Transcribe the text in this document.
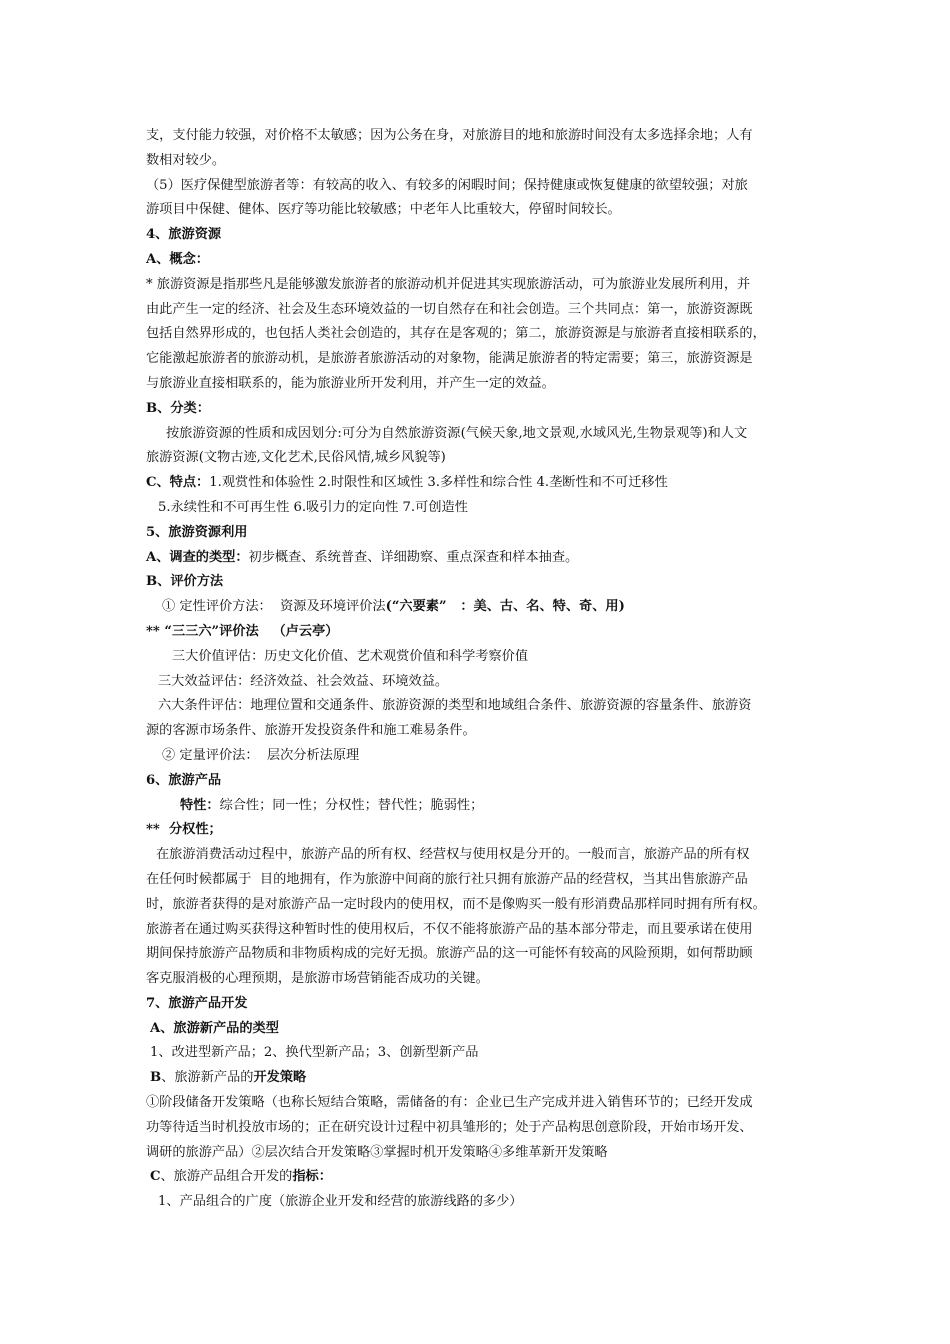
支，支付能力较强，对价格不太敏感；因为公务在身，对旅游目的地和旅游时间没有太多选择余地；人有
数相对较少。
（5）医疗保健型旅游者等：有较高的收入、有较多的闲暇时间；保持健康或恢复健康的欲望较强；对旅
游项目中保健、健体、医疗等功能比较敏感；中老年人比重较大，停留时间较长。
4、旅游资源
A、概念：
* 旅游资源是指那些凡是能够激发旅游者的旅游动机并促进其实现旅游活动，可为旅游业发展所利用，并
由此产生一定的经济、社会及生态环境效益的一切自然存在和社会创造。三个共同点：第一，旅游资源既
包括自然界形成的，也包括人类社会创造的，其存在是客观的；第二，旅游资源是与旅游者直接相联系的，
它能激起旅游者的旅游动机，是旅游者旅游活动的对象物，能满足旅游者的特定需要；第三，旅游资源是
与旅游业直接相联系的，能为旅游业所开发利用，并产生一定的效益。
B、分类：
按旅游资源的性质和成因划分:可分为自然旅游资源(气候天象,地文景观,水域风光,生物景观等)和人文
旅游资源(文物古迹,文化艺术,民俗风情,城乡风貌等)
C、特点：1.观赏性和体验性 2.时限性和区域性 3.多样性和综合性 4.垄断性和不可迁移性
5.永续性和不可再生性 6.吸引力的定向性 7.可创造性
5、旅游资源利用
A、调查的类型：初步概查、系统普查、详细勘察、重点深查和样本抽查。
B、评价方法
① 定性评价方法：  资源及环境评价法(“六要素”   ：美、古、名、特、奇、用)
** “三三六”评价法   （卢云亭）
三大价值评估：历史文化价值、艺术观赏价值和科学考察价值
三大效益评估：经济效益、社会效益、环境效益。
六大条件评估：地理位置和交通条件、旅游资源的类型和地域组合条件、旅游资源的容量条件、旅游资
源的客源市场条件、旅游开发投资条件和施工难易条件。
② 定量评价法：  层次分析法原理
6、旅游产品
特性：综合性；同一性；分权性；替代性；脆弱性；
**  分权性；
在旅游消费活动过程中，旅游产品的所有权、经营权与使用权是分开的。一般而言，旅游产品的所有权
在任何时候都属于  目的地拥有，作为旅游中间商的旅行社只拥有旅游产品的经营权，当其出售旅游产品
时，旅游者获得的是对旅游产品一定时段内的使用权，而不是像购买一般有形消费品那样同时拥有所有权。
旅游者在通过购买获得这种暂时性的使用权后，不仅不能将旅游产品的基本部分带走，而且要承诺在使用
期间保持旅游产品物质和非物质构成的完好无损。旅游产品的这一可能怀有较高的风险预期，如何帮助顾
客克服消极的心理预期，是旅游市场营销能否成功的关键。
7、旅游产品开发
A、旅游新产品的类型
1、改进型新产品；2、换代型新产品；3、创新型新产品
B、旅游新产品的开发策略
①阶段储备开发策略（也称长短结合策略，需储备的有：企业已生产完成并进入销售环节的；已经开发成
功等待适当时机投放市场的；正在研究设计过程中初具雏形的；处于产品构思创意阶段，开始市场开发、
调研的旅游产品）②层次结合开发策略③掌握时机开发策略④多维革新开发策略
C、旅游产品组合开发的指标：
1、产品组合的广度（旅游企业开发和经营的旅游线路的多少）
